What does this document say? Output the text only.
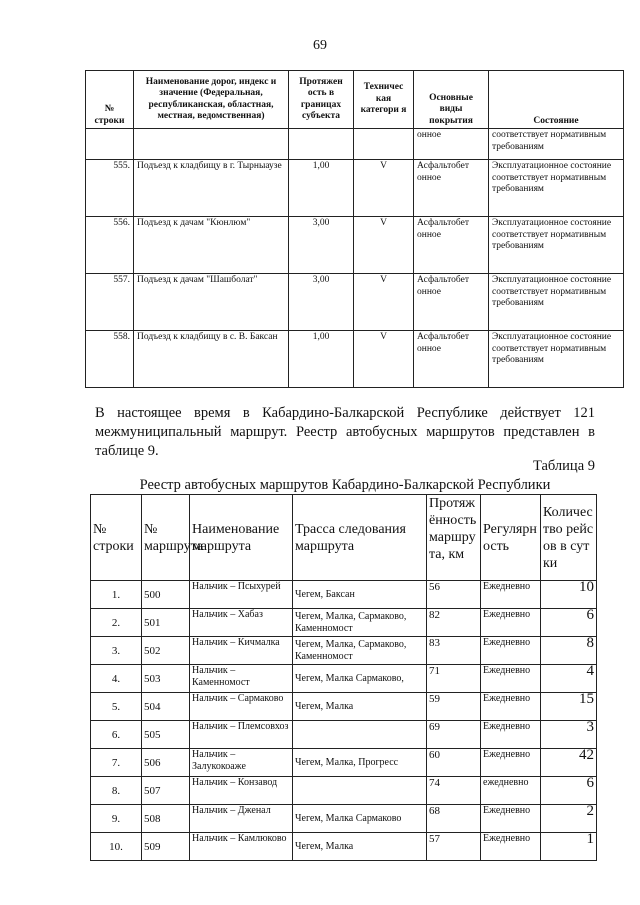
69
№ строки	Наименование дорог, индекс и значение (Федеральная, республиканская, областная, местная, ведомственная)	Протяжен ость в границах субъекта	Техничес кая категори я	Основные виды покрытия	Состояние
				онное	соответствует нормативным требованиям
555.	Подъезд к кладбищу в г. Тырныаузе	1,00	V	Асфальтобет онное	Эксплуатационное состояние соответствует нормативным требованиям
556.	Подъезд к дачам "Кюнлюм"	3,00	V	Асфальтобет онное	Эксплуатационное состояние соответствует нормативным требованиям
557.	Подъезд к дачам "Шашболат"	3,00	V	Асфальтобет онное	Эксплуатационное состояние соответствует нормативным требованиям
558.	Подъезд к кладбищу в с. В. Баксан	1,00	V	Асфальтобет онное	Эксплуатационное состояние соответствует нормативным требованиям
В настоящее время в Кабардино-Балкарской Республике действует 121 межмуниципальный маршрут. Реестр автобусных маршрутов представлен в таблице 9.
Таблица 9
Реестр автобусных маршрутов Кабардино-Балкарской Республики
№ строки	№ маршрута	Наименование маршрута	Трасса следования маршрута	Протяжённость маршрута, км	Регулярность	Количество рейсов в сутки
1.	500	Нальчик – Псыхурей	Чегем, Баксан	56	Ежедневно	10
2.	501	Нальчик – Хабаз	Чегем, Малка, Сармаково, Каменномост	82	Ежедневно	6
3.	502	Нальчик – Кичмалка	Чегем, Малка, Сармаково, Каменномост	83	Ежедневно	8
4.	503	Нальчик – Каменномост	Чегем, Малка Сармаково,	71	Ежедневно	4
5.	504	Нальчик – Сармаково	Чегем, Малка	59	Ежедневно	15
6.	505	Нальчик – Племсовхоз		69	Ежедневно	3
7.	506	Нальчик – Залукокоаже	Чегем, Малка, Прогресс	60	Ежедневно	42
8.	507	Нальчик – Конзавод		74	ежедневно	6
9.	508	Нальчик – Дженал	Чегем, Малка Сармаково	68	Ежедневно	2
10.	509	Нальчик – Камлюково	Чегем, Малка	57	Ежедневно	1
